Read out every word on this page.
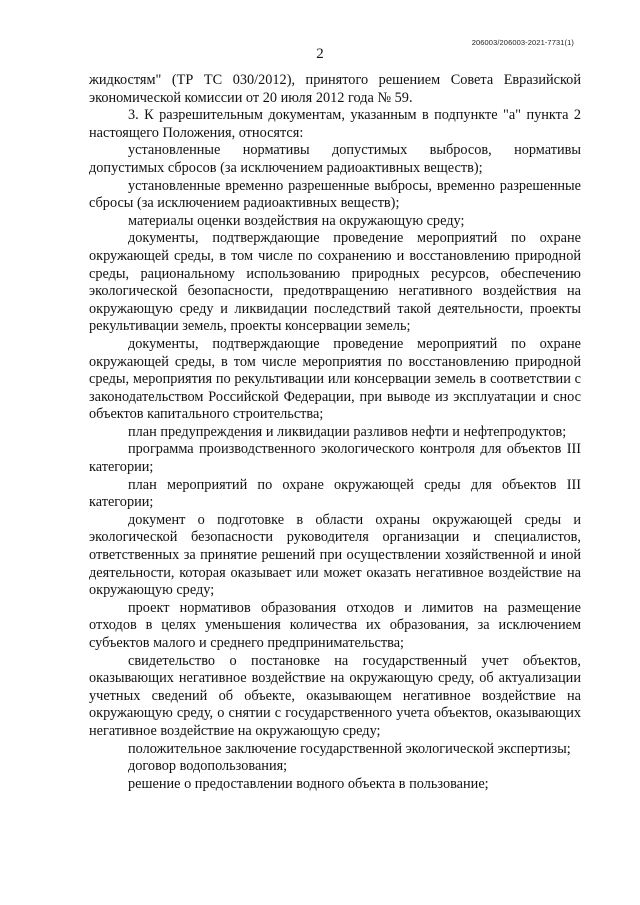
206003/206003-2021-7731(1)
2

жидкостям" (ТР ТС 030/2012), принятого решением Совета Евразийской экономической комиссии от 20 июля 2012 года № 59.

3. К разрешительным документам, указанным в подпункте "а" пункта 2 настоящего Положения, относятся:

установленные нормативы допустимых выбросов, нормативы допустимых сбросов (за исключением радиоактивных веществ);

установленные временно разрешенные выбросы, временно разрешенные сбросы (за исключением радиоактивных веществ);

материалы оценки воздействия на окружающую среду;

документы, подтверждающие проведение мероприятий по охране окружающей среды, в том числе по сохранению и восстановлению природной среды, рациональному использованию природных ресурсов, обеспечению экологической безопасности, предотвращению негативного воздействия на окружающую среду и ликвидации последствий такой деятельности, проекты рекультивации земель, проекты консервации земель;

документы, подтверждающие проведение мероприятий по охране окружающей среды, в том числе мероприятия по восстановлению природной среды, мероприятия по рекультивации или консервации земель в соответствии с законодательством Российской Федерации, при выводе из эксплуатации и снос объектов капитального строительства;

план предупреждения и ликвидации разливов нефти и нефтепродуктов;

программа производственного экологического контроля для объектов III категории;

план мероприятий по охране окружающей среды для объектов III категории;

документ о подготовке в области охраны окружающей среды и экологической безопасности руководителя организации и специалистов, ответственных за принятие решений при осуществлении хозяйственной и иной деятельности, которая оказывает или может оказать негативное воздействие на окружающую среду;

проект нормативов образования отходов и лимитов на размещение отходов в целях уменьшения количества их образования, за исключением субъектов малого и среднего предпринимательства;

свидетельство о постановке на государственный учет объектов, оказывающих негативное воздействие на окружающую среду, об актуализации учетных сведений об объекте, оказывающем негативное воздействие на окружающую среду, о снятии с государственного учета объектов, оказывающих негативное воздействие на окружающую среду;

положительное заключение государственной экологической экспертизы;

договор водопользования;

решение о предоставлении водного объекта в пользование;
